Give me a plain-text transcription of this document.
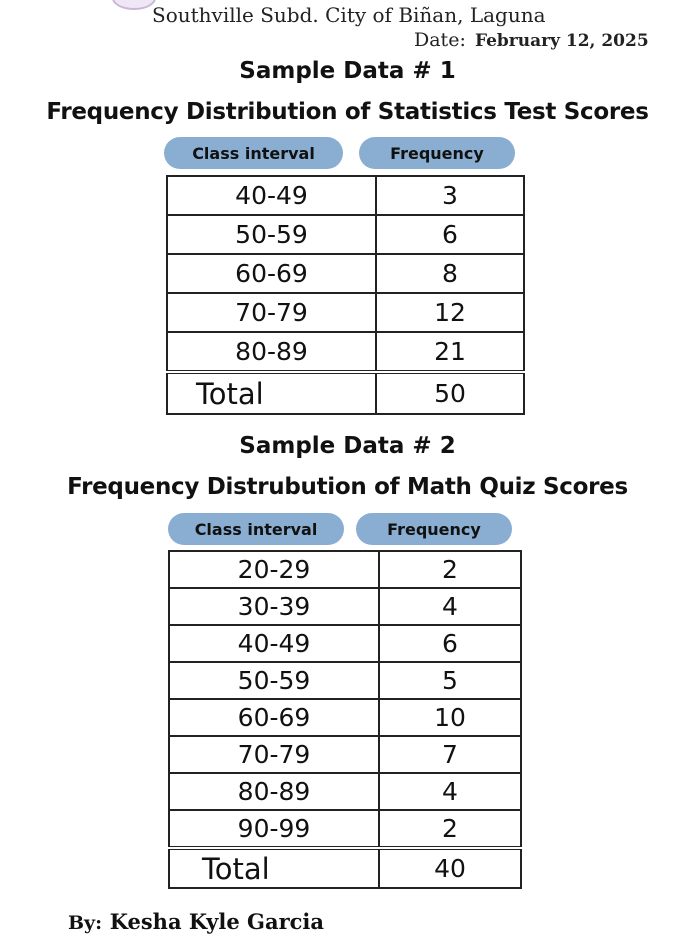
Southville Subd. City of Biñan, Laguna
Date: February 12, 2025
Sample Data # 1
Frequency Distribution of Statistics Test Scores
Class interval	Frequency
40-49	3
50-59	6
60-69	8
70-79	12
80-89	21
Total	50
Sample Data # 2
Frequency Distrubution of Math Quiz Scores
Class interval	Frequency
20-29	2
30-39	4
40-49	6
50-59	5
60-69	10
70-79	7
80-89	4
90-99	2
Total	40
By: Kesha Kyle Garcia
